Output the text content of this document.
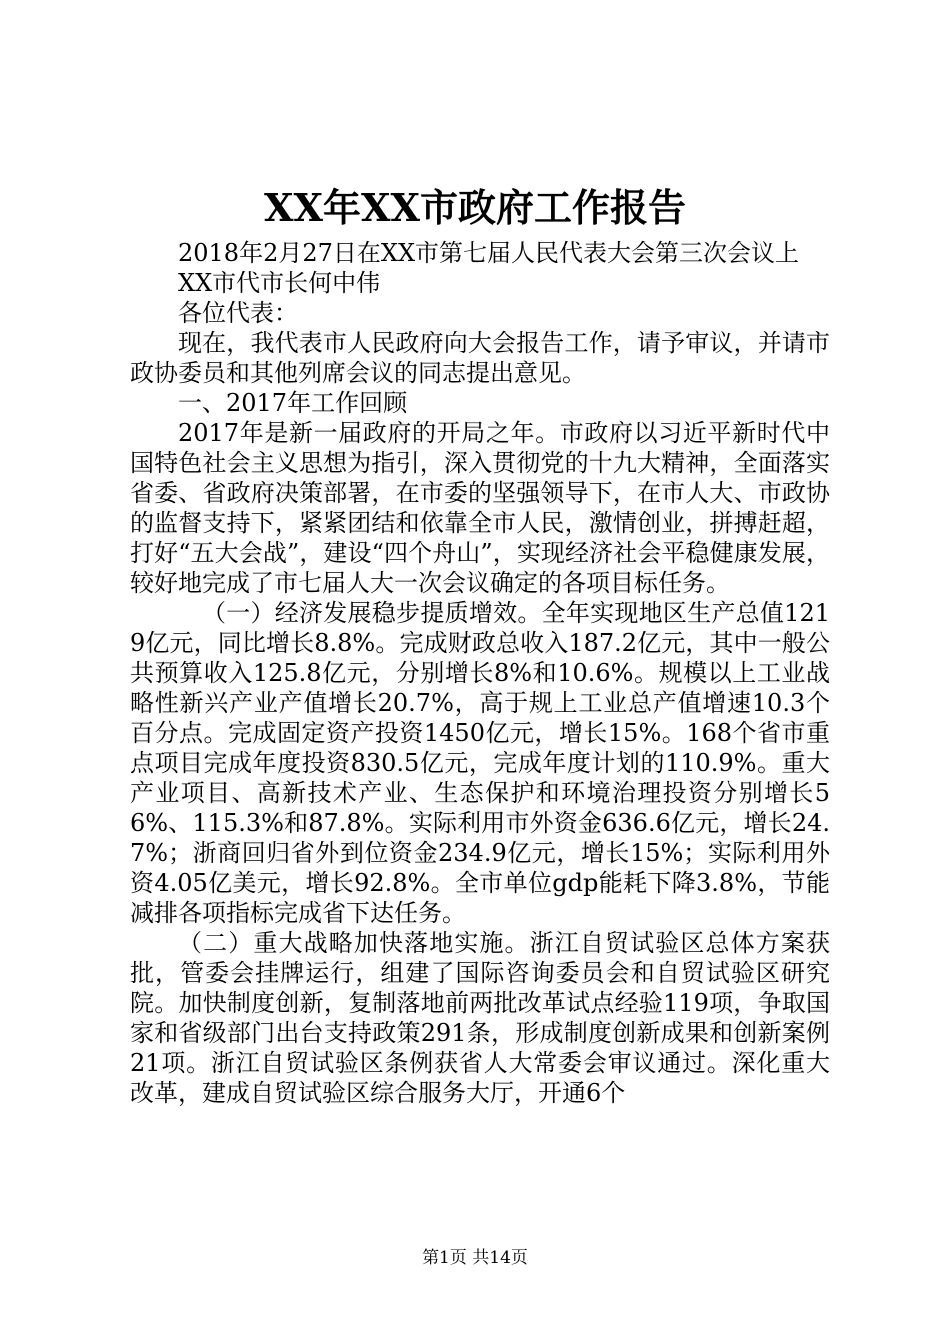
XX年XX市政府工作报告

2018年2月27日在XX市第七届人民代表大会第三次会议上

XX市代市长何中伟

各位代表：

现在，我代表市人民政府向大会报告工作，请予审议，并请市政协委员和其他列席会议的同志提出意见。

一、2017年工作回顾

2017年是新一届政府的开局之年。市政府以习近平新时代中国特色社会主义思想为指引，深入贯彻党的十九大精神，全面落实省委、省政府决策部署，在市委的坚强领导下，在市人大、市政协的监督支持下，紧紧团结和依靠全市人民，激情创业，拼搏赶超，打好“五大会战”，建设“四个舟山”，实现经济社会平稳健康发展，较好地完成了市七届人大一次会议确定的各项目标任务。

（一）经济发展稳步提质增效。全年实现地区生产总值1219亿元，同比增长8.8%。完成财政总收入187.2亿元，其中一般公共预算收入125.8亿元，分别增长8%和10.6%。规模以上工业战略性新兴产业产值增长20.7%，高于规上工业总产值增速10.3个百分点。完成固定资产投资1450亿元，增长15%。168个省市重点项目完成年度投资830.5亿元，完成年度计划的110.9%。重大产业项目、高新技术产业、生态保护和环境治理投资分别增长56%、115.3%和87.8%。实际利用市外资金636.6亿元，增长24.7%；浙商回归省外到位资金234.9亿元，增长15%；实际利用外资4.05亿美元，增长92.8%。全市单位gdp能耗下降3.8%，节能减排各项指标完成省下达任务。

（二）重大战略加快落地实施。浙江自贸试验区总体方案获批，管委会挂牌运行，组建了国际咨询委员会和自贸试验区研究院。加快制度创新，复制落地前两批改革试点经验119项，争取国家和省级部门出台支持政策291条，形成制度创新成果和创新案例21项。浙江自贸试验区条例获省人大常委会审议通过。深化重大改革，建成自贸试验区综合服务大厅，开通6个

第1页 共14页
